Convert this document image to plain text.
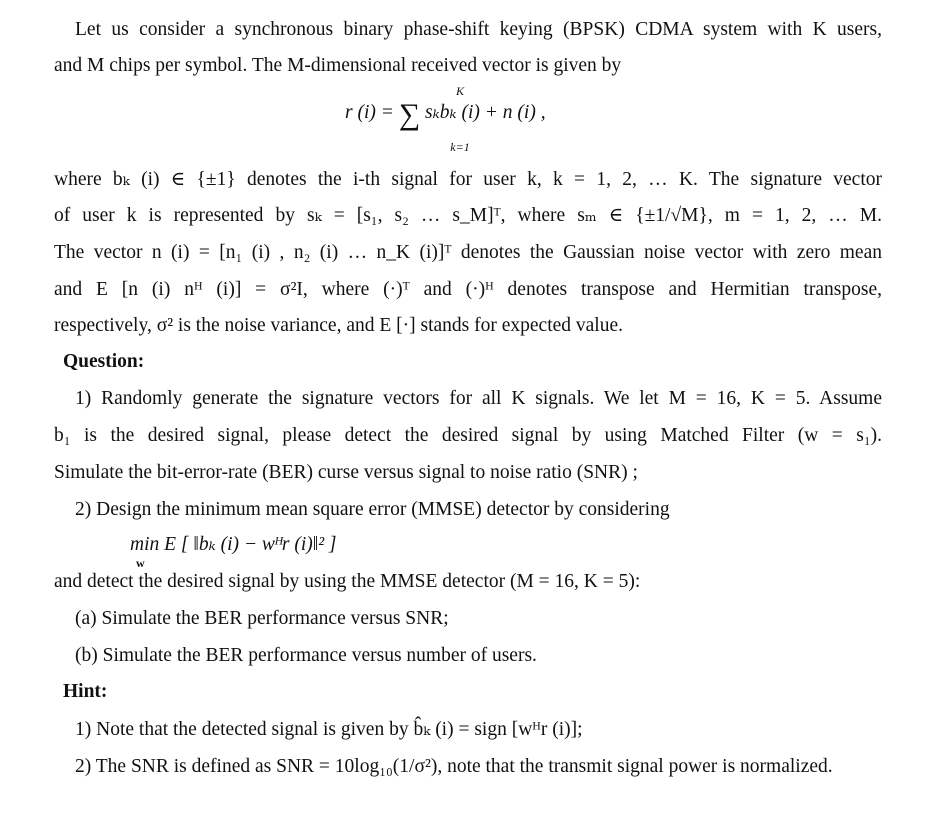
Let us consider a synchronous binary phase-shift keying (BPSK) CDMA system with K users,
and M chips per symbol. The M-dimensional received vector is given by
K
r (i) = ∑ sₖbₖ (i) + n (i) ,
k=1
where bₖ (i) ∈ {±1} denotes the i-th signal for user k, k = 1, 2, … K. The signature vector
of user k is represented by sₖ = [s₁, s₂ … s_M]ᵀ, where sₘ ∈ {±1/√M}, m = 1, 2, … M.
The vector n (i) = [n₁ (i) , n₂ (i) … n_K (i)]ᵀ denotes the Gaussian noise vector with zero mean
and E [n (i) nᴴ (i)] = σ²I, where (·)ᵀ and (·)ᴴ denotes transpose and Hermitian transpose,
respectively, σ² is the noise variance, and E [·] stands for expected value.
Question:
1) Randomly generate the signature vectors for all K signals. We let M = 16, K = 5. Assume
b₁ is the desired signal, please detect the desired signal by using Matched Filter (w = s₁).
Simulate the bit-error-rate (BER) curse versus signal to noise ratio (SNR) ;
2) Design the minimum mean square error (MMSE) detector by considering
min E [ ‖bₖ (i) − wᴴr (i)‖² ]
w
and detect the desired signal by using the MMSE detector (M = 16, K = 5):
(a) Simulate the BER performance versus SNR;
(b) Simulate the BER performance versus number of users.
Hint:
1) Note that the detected signal is given by b̂ₖ (i) = sign [wᴴr (i)];
2) The SNR is defined as SNR = 10log₁₀(1/σ²), note that the transmit signal power is normalized.
